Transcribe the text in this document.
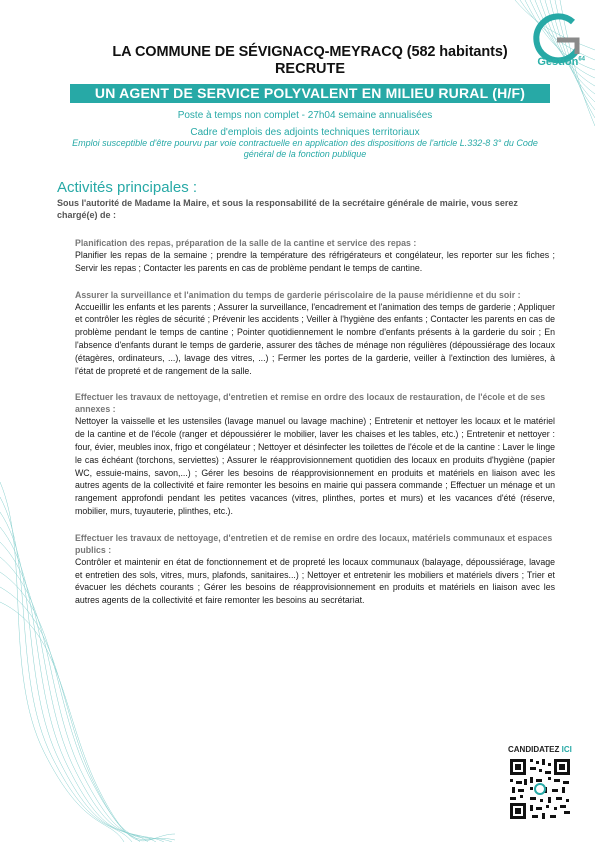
Gestion$^{64}$
LA COMMUNE DE SÉVIGNACQ-MEYRACQ (582 habitants)
RECRUTE
UN AGENT DE SERVICE POLYVALENT EN MILIEU RURAL (H/F)
Poste à temps non complet - 27h04 semaine annualisées
Cadre d'emplois des adjoints techniques territoriaux
Emploi susceptible d'être pourvu par voie contractuelle en application des dispositions de l'article L.332-8 3° du Code général de la fonction publique
Activités principales :
Sous l'autorité de Madame la Maire, et sous la responsabilité de la secrétaire générale de mairie, vous serez chargé(e) de :
Planification des repas, préparation de la salle de la cantine et service des repas :
Planifier les repas de la semaine ; prendre la température des réfrigérateurs et congélateur, les reporter sur les fiches ; Servir les repas ; Contacter les parents en cas de problème pendant le temps de cantine.
Assurer la surveillance et l'animation du temps de garderie périscolaire de la pause méridienne et du soir :
Accueillir les enfants et les parents ; Assurer la surveillance, l'encadrement et l'animation des temps de garderie ; Appliquer et contrôler les règles de sécurité ; Prévenir les accidents ; Veiller à l'hygiène des enfants ; Contacter les parents en cas de problème pendant le temps de cantine ; Pointer quotidiennement le nombre d'enfants présents à la garderie du soir ; En l'absence d'enfants durant le temps de garderie, assurer des tâches de ménage non régulières (dépoussiérage des locaux (étagères, ordinateurs, ...), lavage des vitres, ...) ; Fermer les portes de la garderie, veiller à l'extinction des lumières, à l'état de propreté et de rangement de la salle.
Effectuer les travaux de nettoyage, d'entretien et remise en ordre des locaux de restauration, de l'école et de ses annexes :
Nettoyer la vaisselle et les ustensiles (lavage manuel ou lavage machine) ; Entretenir et nettoyer les locaux et le matériel de la cantine et de l'école (ranger et dépoussiérer le mobilier, laver les chaises et les tables, etc.) ; Entretenir et nettoyer : four, évier, meubles inox, frigo et congélateur ; Nettoyer et désinfecter les toilettes de l'école et de la cantine : Laver le linge le cas échéant (torchons, serviettes) ; Assurer le réapprovisionnement quotidien des locaux en produits d'hygiène (papier WC, essuie-mains, savon,...) ; Gérer les besoins de réapprovisionnement en produits et matériels en liaison avec les autres agents de la collectivité et faire remonter les besoins en mairie qui passera commande ; Effectuer un ménage et un rangement approfondi pendant les petites vacances (vitres, plinthes, portes et murs) et les vacances d'été (réserve, mobilier, murs, tuyauterie, plinthes, etc.).
Effectuer les travaux de nettoyage, d'entretien et de remise en ordre des locaux, matériels communaux et espaces publics :
Contrôler et maintenir en état de fonctionnement et de propreté les locaux communaux (balayage, dépoussiérage, lavage et entretien des sols, vitres, murs, plafonds, sanitaires...) ; Nettoyer et entretenir les mobiliers et matériels divers ; Trier et évacuer les déchets courants ; Gérer les besoins de réapprovisionnement en produits et matériels en liaison avec les autres agents de la collectivité et faire remonter les besoins au secrétariat.
CANDIDATEZ ICI
